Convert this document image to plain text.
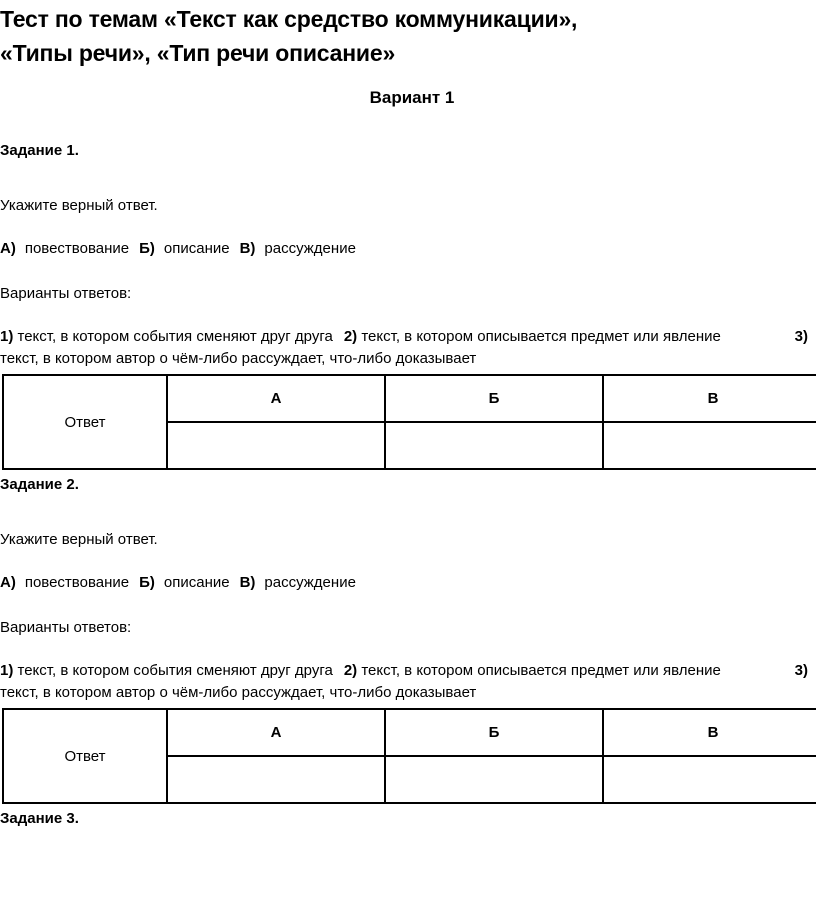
Тест по темам «Текст как средство коммуникации»,
«Типы речи», «Тип речи описание»
Вариант 1
Задание 1.
Укажите верный ответ.
А) повествование Б) описание В) рассуждение
Варианты ответов:
1) текст, в котором события сменяют друг друга 2) текст, в котором описывается предмет или явление	3)
текст, в котором автор о чём-либо рассуждает, что-либо доказывает
Ответ	А	Б	В

Задание 2.
Укажите верный ответ.
А) повествование Б) описание В) рассуждение
Варианты ответов:
1) текст, в котором события сменяют друг друга 2) текст, в котором описывается предмет или явление	3)
текст, в котором автор о чём-либо рассуждает, что-либо доказывает
Ответ	А	Б	В

Задание 3.
